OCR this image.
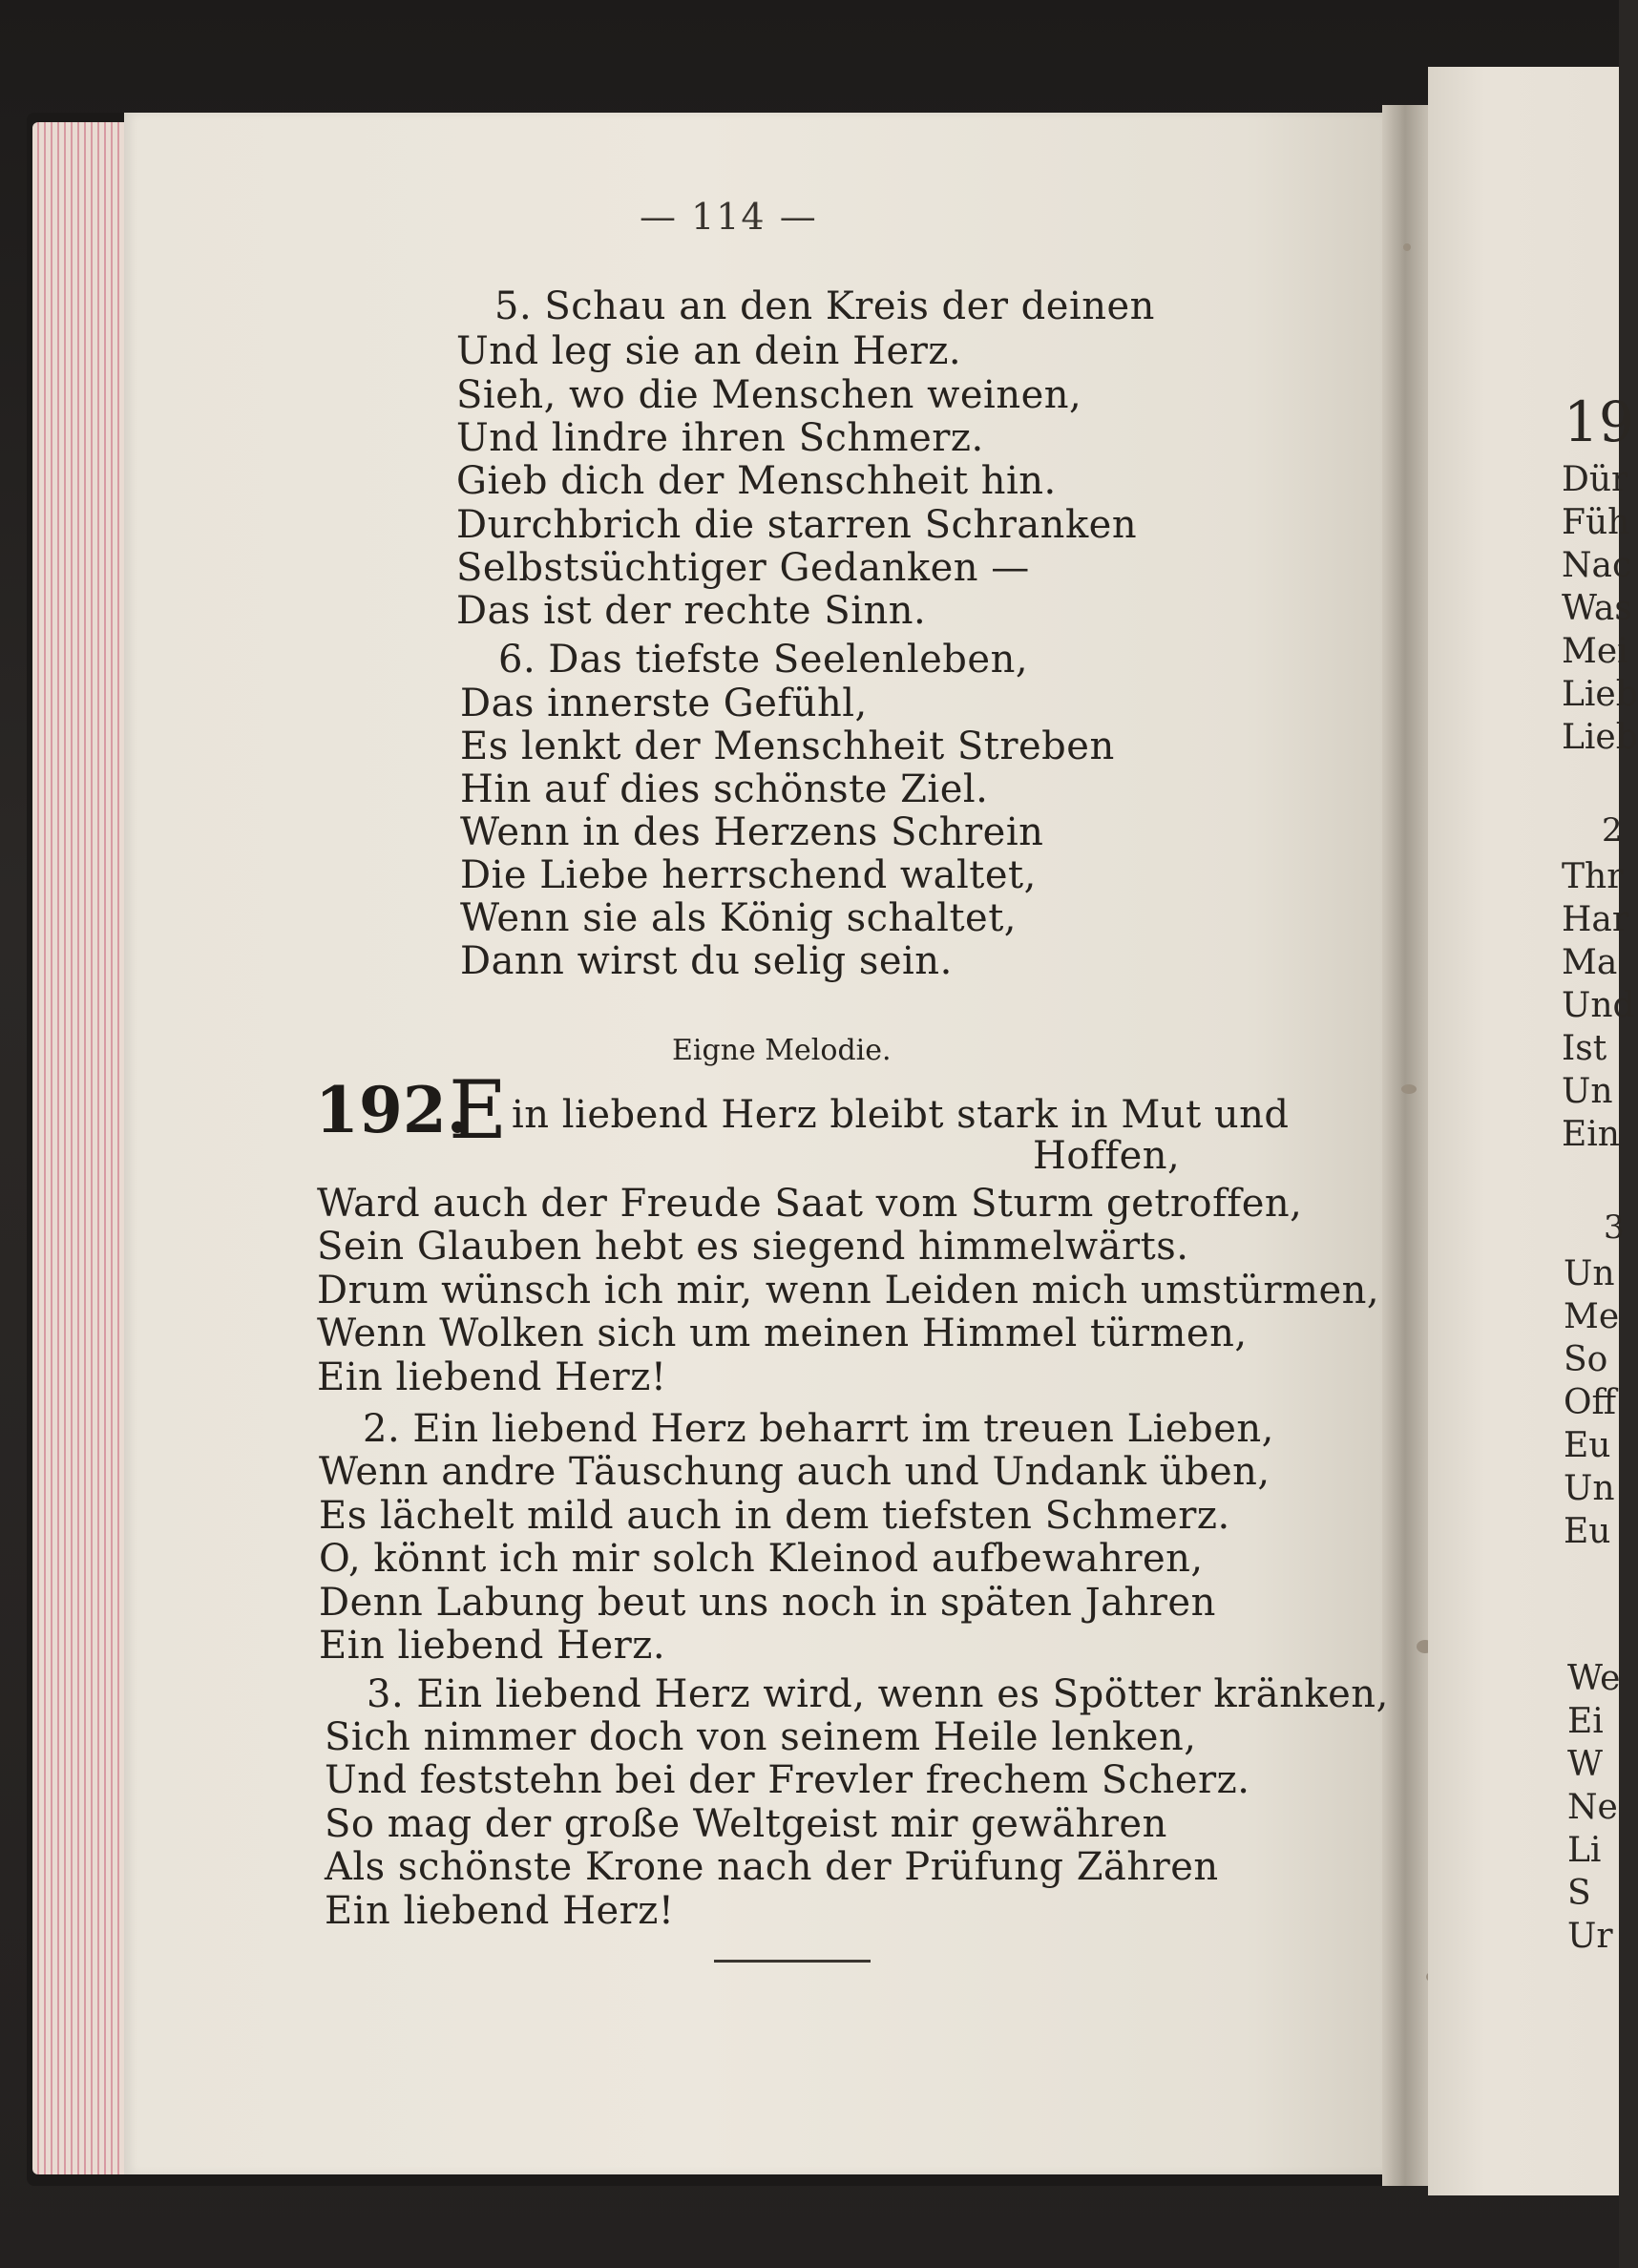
— 114 —
5. Schau an den Kreis der deinen
Und leg sie an dein Herz.
Sieh, wo die Menschen weinen,
Und lindre ihren Schmerz.
Gieb dich der Menschheit hin.
Durchbrich die starren Schranken
Selbstsüchtiger Gedanken —
Das ist der rechte Sinn.
6. Das tiefste Seelenleben,
Das innerste Gefühl,
Es lenkt der Menschheit Streben
Hin auf dies schönste Ziel.
Wenn in des Herzens Schrein
Die Liebe herrschend waltet,
Wenn sie als König schaltet,
Dann wirst du selig sein.
Eigne Melodie.
192.
E in liebend Herz bleibt stark in Mut und
Hoffen,
Ward auch der Freude Saat vom Sturm getroffen,
Sein Glauben hebt es siegend himmelwärts.
Drum wünsch ich mir, wenn Leiden mich umstürmen,
Wenn Wolken sich um meinen Himmel türmen,
Ein liebend Herz!
2. Ein liebend Herz beharrt im treuen Lieben,
Wenn andre Täuschung auch und Undank üben,
Es lächelt mild auch in dem tiefsten Schmerz.
O, könnt ich mir solch Kleinod aufbewahren,
Denn Labung beut uns noch in späten Jahren
Ein liebend Herz.
3. Ein liebend Herz wird, wenn es Spötter kränken,
Sich nimmer doch von seinem Heile lenken,
Und feststehn bei der Frevler frechem Scherz.
So mag der große Weltgeist mir gewähren
Als schönste Krone nach der Prüfung Zähren
Ein liebend Herz!
19
Dür
Füh
Nac
Was
Mei
Lieb
Lieb
2
Thr
Har
Ma
Und
Ist
Un
Ein
3
Un
Me
So
Off
Eu
Un
Eu
We
Ei
W
Ne
Li
S
Ur
